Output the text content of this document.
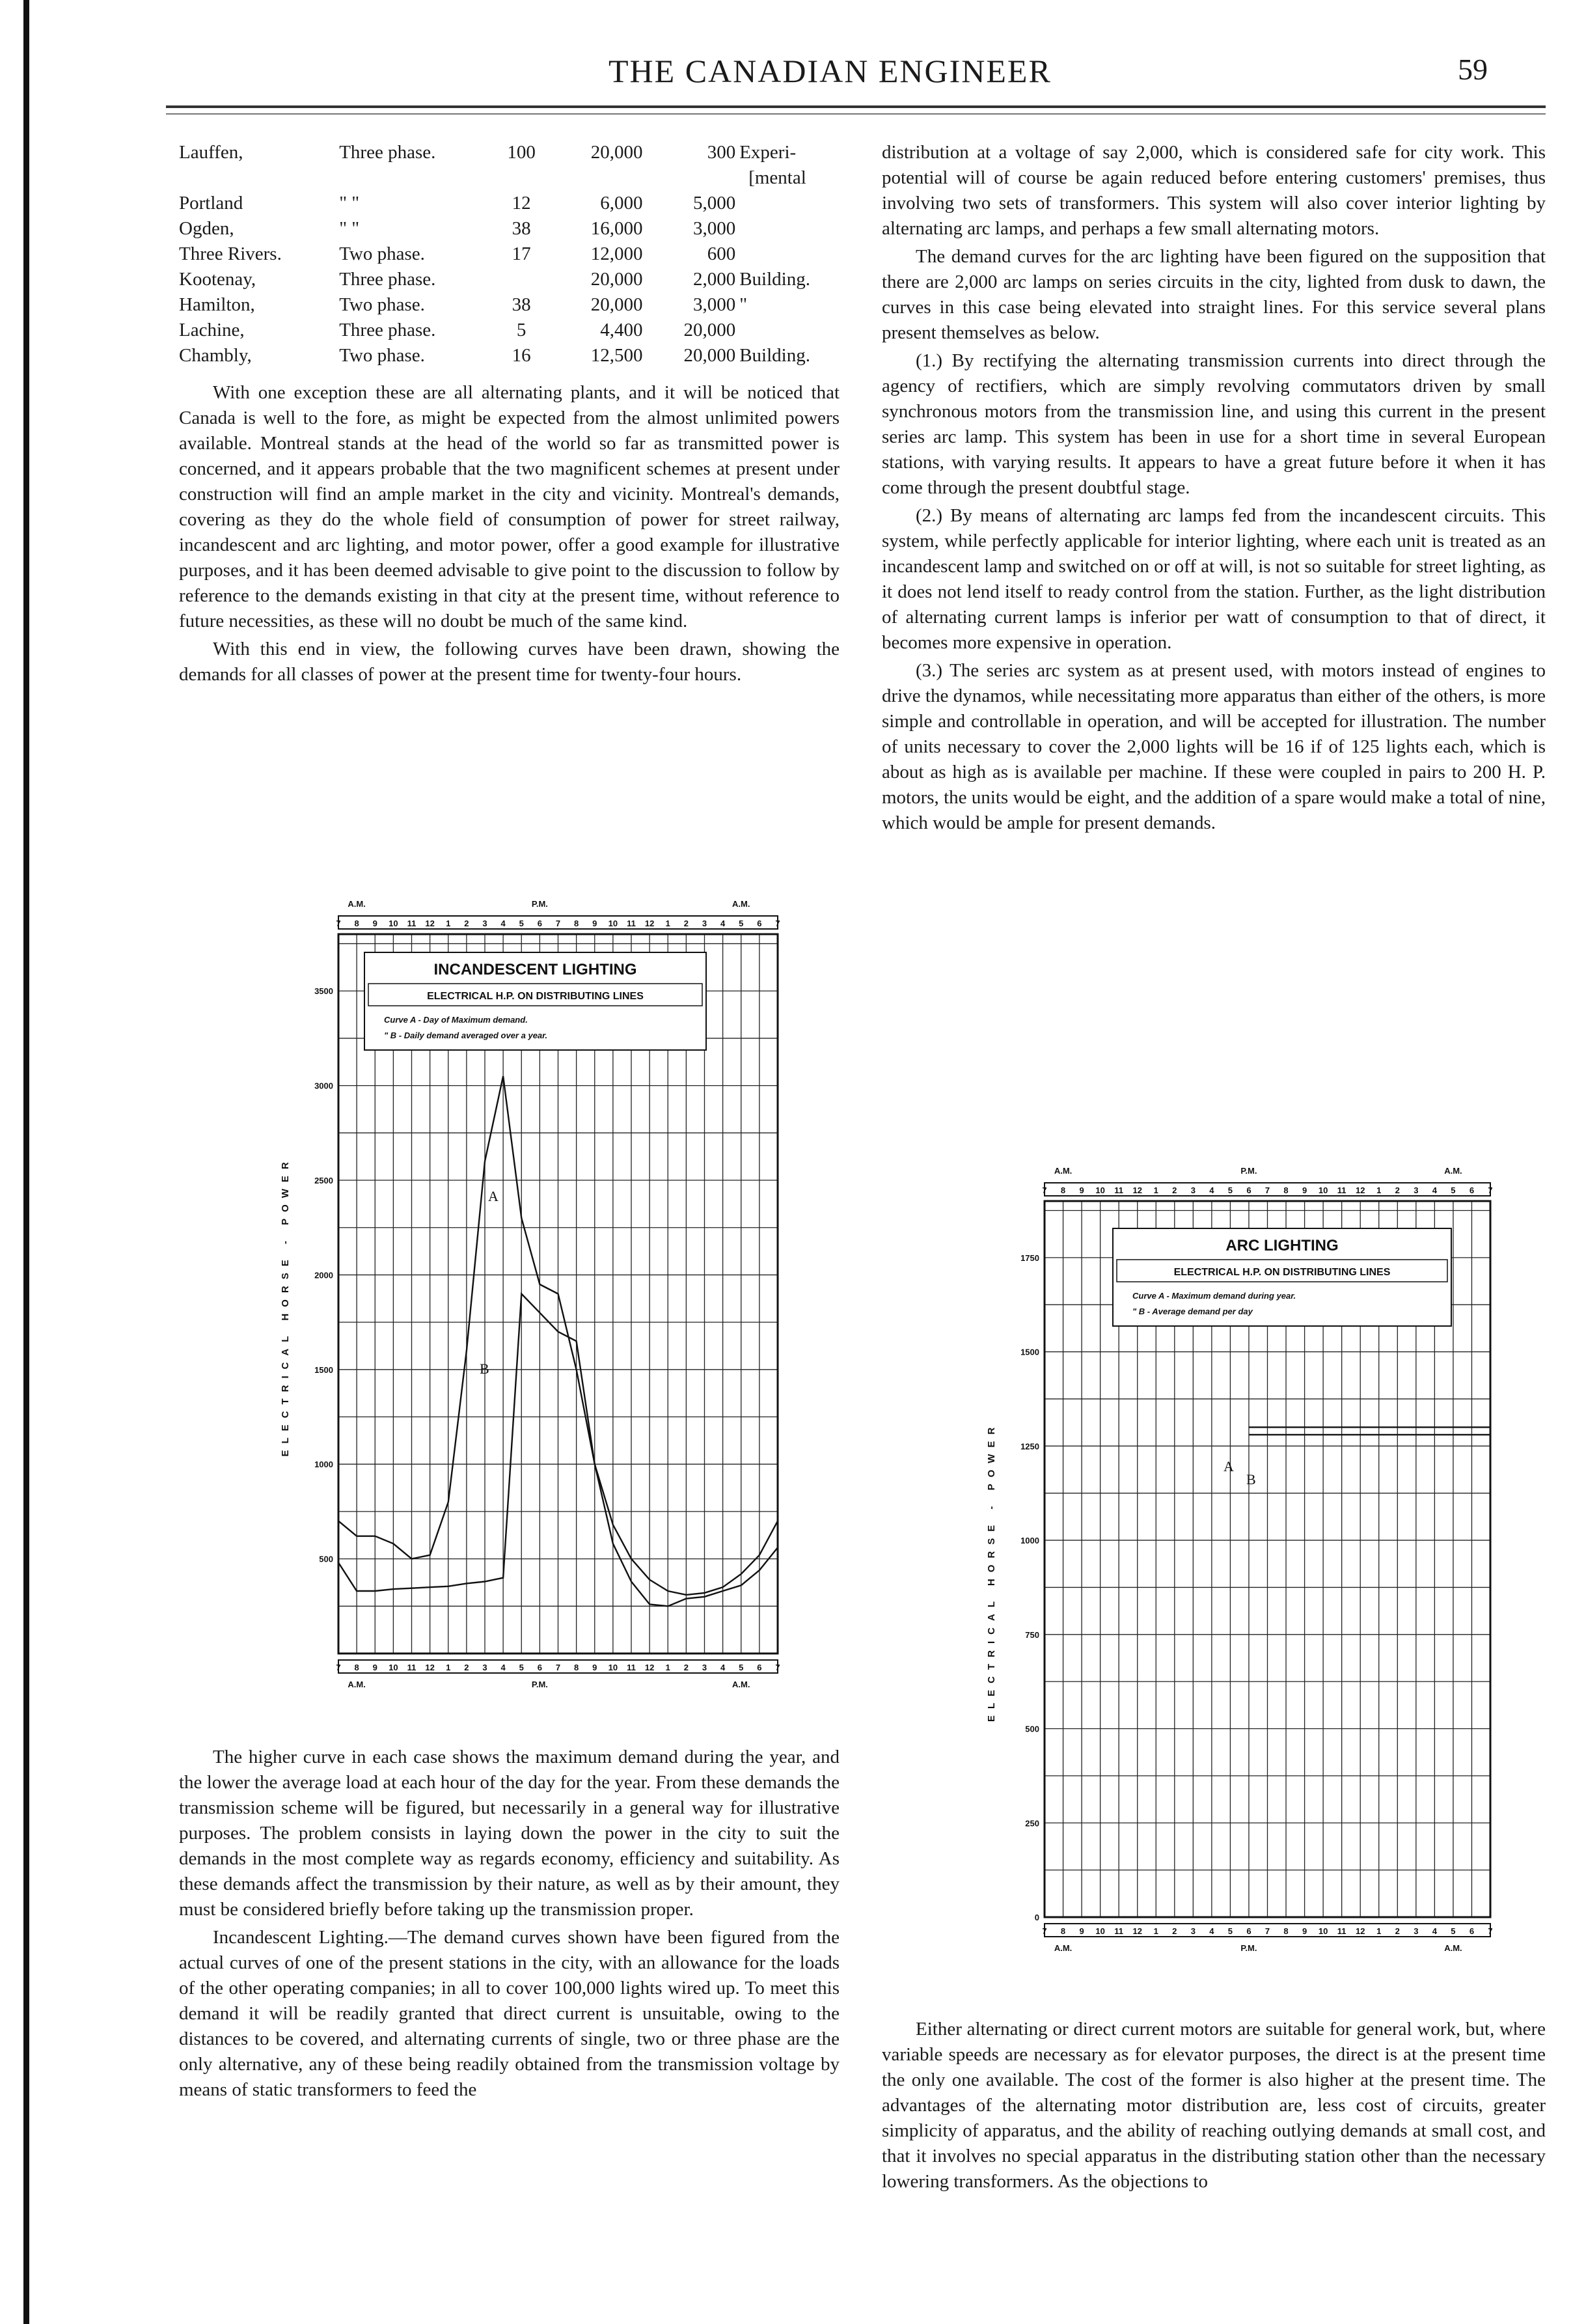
THE CANADIAN ENGINEER	59
Lauffen,	Three phase.	100	20,000	300	Experi-
					[mental
Portland	" "	12	6,000	5,000	
Ogden,	" "	38	16,000	3,000	
Three Rivers.	Two phase.	17	12,000	600	
Kootenay,	Three phase.		20,000	2,000	Building.
Hamilton,	Two phase.	38	20,000	3,000	"
Lachine,	Three phase.	5	4,400	20,000	
Chambly,	Two phase.	16	12,500	20,000	Building.

With one exception these are all alternating plants, and it will be noticed that Canada is well to the fore, as might be expected from the almost unlimited powers available. Montreal stands at the head of the world so far as transmitted power is concerned, and it appears probable that the two magnificent schemes at present under construction will find an ample market in the city and vicinity. Montreal's demands, covering as they do the whole field of consumption of power for street railway, incandescent and arc lighting, and motor power, offer a good example for illustrative purposes, and it has been deemed advisable to give point to the discussion to follow by reference to the demands existing in that city at the present time, without reference to future necessities, as these will no doubt be much of the same kind.

With this end in view, the following curves have been drawn, showing the demands for all classes of power at the present time for twenty-four hours.

A.M.	P.M.	A.M.
7
7
8
8
9
9
10
10
11
11
12
12
1
1
2
2
3
3
4
4
5
5
6
6
7
7
8
8
9
9
10
10
11
11
12
12
1
1
2
2
3
3
4
4
5
5
6
6
7
7
A.M.	P.M.	A.M.
500
1000
1500
2000
2500
3000
3500
ELECTRICAL HORSE - POWER
INCANDESCENT LIGHTING
ELECTRICAL H.P. ON DISTRIBUTING LINES
Curve A - Day of Maximum demand.
" B - Daily demand averaged over a year.
A
B

The higher curve in each case shows the maximum demand during the year, and the lower the average load at each hour of the day for the year. From these demands the transmission scheme will be figured, but necessarily in a general way for illustrative purposes. The problem consists in laying down the power in the city to suit the demands in the most complete way as regards economy, efficiency and suitability. As these demands affect the transmission by their nature, as well as by their amount, they must be considered briefly before taking up the transmission proper.

Incandescent Lighting.—The demand curves shown have been figured from the actual curves of one of the present stations in the city, with an allowance for the loads of the other operating companies; in all to cover 100,000 lights wired up. To meet this demand it will be readily granted that direct current is unsuitable, owing to the distances to be covered, and alternating currents of single, two or three phase are the only alternative, any of these being readily obtained from the transmission voltage by means of static transformers to feed the

distribution at a voltage of say 2,000, which is considered safe for city work. This potential will of course be again reduced before entering customers' premises, thus involving two sets of transformers. This system will also cover interior lighting by alternating arc lamps, and perhaps a few small alternating motors.

The demand curves for the arc lighting have been figured on the supposition that there are 2,000 arc lamps on series circuits in the city, lighted from dusk to dawn, the curves in this case being elevated into straight lines. For this service several plans present themselves as below.

(1.) By rectifying the alternating transmission currents into direct through the agency of rectifiers, which are simply revolving commutators driven by small synchronous motors from the transmission line, and using this current in the present series arc lamp. This system has been in use for a short time in several European stations, with varying results. It appears to have a great future before it when it has come through the present doubtful stage.

(2.) By means of alternating arc lamps fed from the incandescent circuits. This system, while perfectly applicable for interior lighting, where each unit is treated as an incandescent lamp and switched on or off at will, is not so suitable for street lighting, as it does not lend itself to ready control from the station. Further, as the light distribution of alternating current lamps is inferior per watt of consumption to that of direct, it becomes more expensive in operation.

(3.) The series arc system as at present used, with motors instead of engines to drive the dynamos, while necessitating more apparatus than either of the others, is more simple and controllable in operation, and will be accepted for illustration. The number of units necessary to cover the 2,000 lights will be 16 if of 125 lights each, which is about as high as is available per machine. If these were coupled in pairs to 200 H. P. motors, the units would be eight, and the addition of a spare would make a total of nine, which would be ample for present demands.

A.M.	P.M.	A.M.
7
7
8
8
9
9
10
10
11
11
12
12
1
1
2
2
3
3
4
4
5
5
6
6
7
7
8
8
9
9
10
10
11
11
12
12
1
1
2
2
3
3
4
4
5
5
6
6
7
7
A.M.	P.M.	A.M.
0
250
500
750
1000
1250
1500
1750
ELECTRICAL HORSE - POWER
ARC LIGHTING
ELECTRICAL H.P. ON DISTRIBUTING LINES
Curve A - Maximum demand during year.
" B - Average demand per day
A
B

Either alternating or direct current motors are suitable for general work, but, where variable speeds are necessary as for elevator purposes, the direct is at the present time the only one available. The cost of the former is also higher at the present time. The advantages of the alternating motor distribution are, less cost of circuits, greater simplicity of apparatus, and the ability of reaching outlying demands at small cost, and that it involves no special apparatus in the distributing station other than the necessary lowering transformers. As the objections to
